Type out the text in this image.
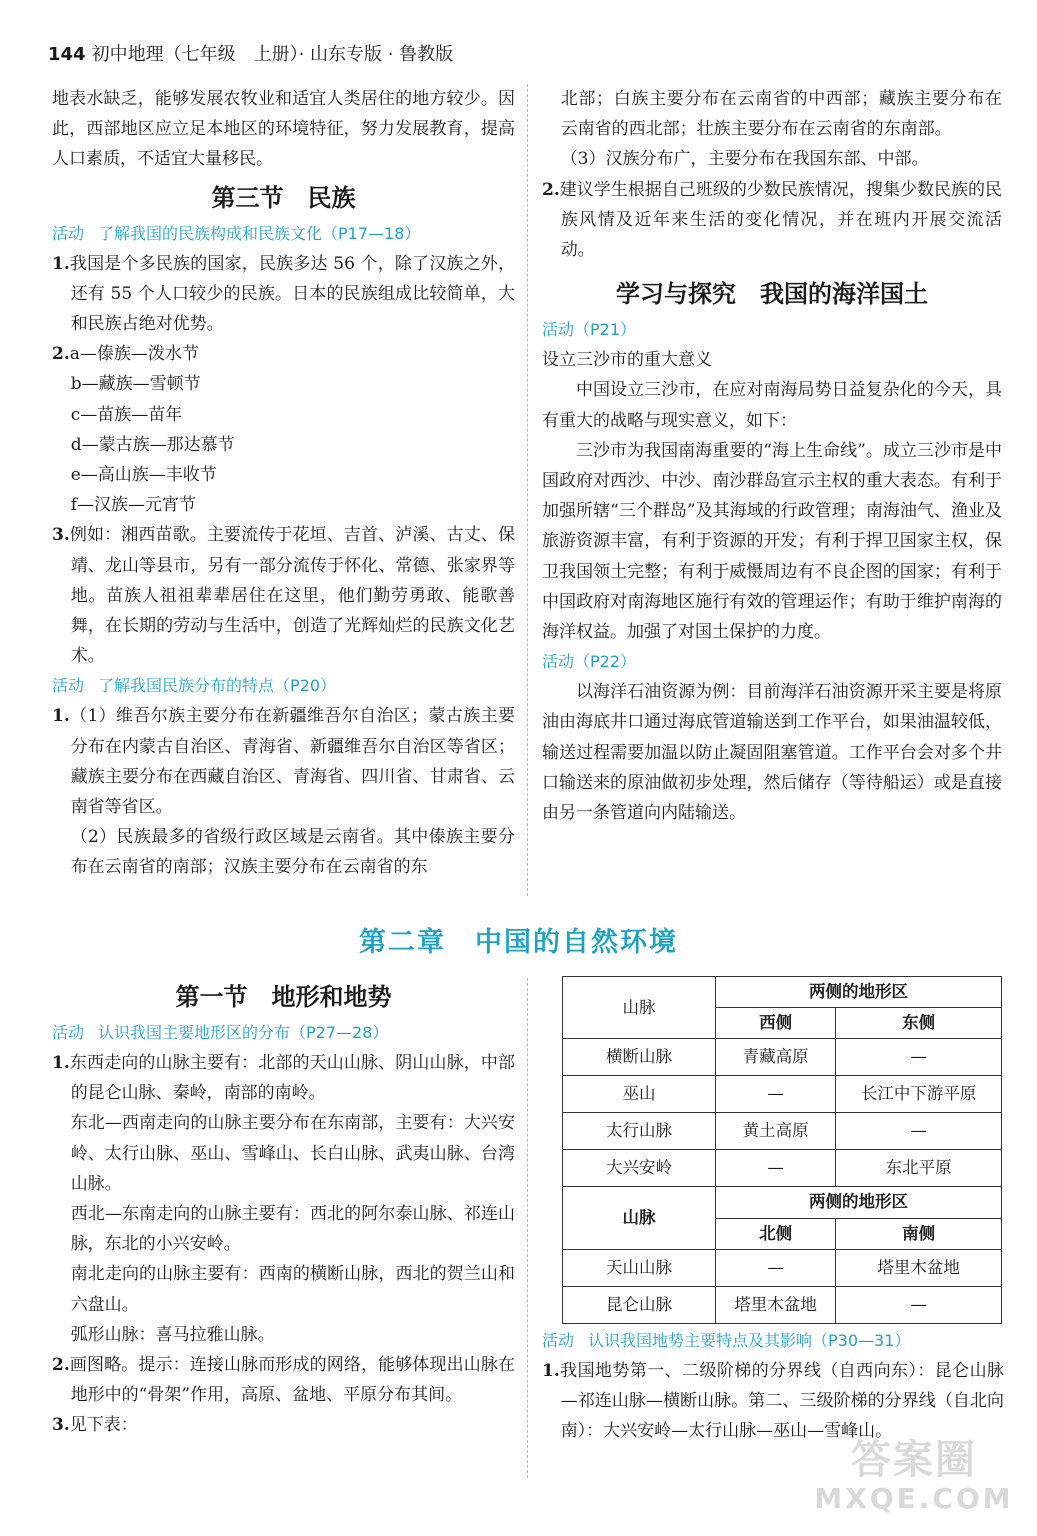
144 初中地理（七年级　上册）· 山东专版 · 鲁教版

地表水缺乏，能够发展农牧业和适宜人类居住的地方较少。因此，西部地区应立足本地区的环境特征，努力发展教育，提高人口素质，不适宜大量移民。

第三节　民族
活动 了解我国的民族构成和民族文化（P17—18）

1.我国是个多民族的国家，民族多达 56 个，除了汉族之外，还有 55 个人口较少的民族。日本的民族组成比较简单，大和民族占绝对优势。

2.a—傣族—泼水节

b—藏族—雪顿节

c—苗族—苗年

d—蒙古族—那达慕节

e—高山族—丰收节

f—汉族—元宵节

3.例如：湘西苗歌。主要流传于花垣、吉首、泸溪、古丈、保靖、龙山等县市，另有一部分流传于怀化、常德、张家界等地。苗族人祖祖辈辈居住在这里，他们勤劳勇敢、能歌善舞，在长期的劳动与生活中，创造了光辉灿烂的民族文化艺术。

活动 了解我国民族分布的特点（P20）

1.（1）维吾尔族主要分布在新疆维吾尔自治区；蒙古族主要分布在内蒙古自治区、青海省、新疆维吾尔自治区等省区；藏族主要分布在西藏自治区、青海省、四川省、甘肃省、云南省等省区。

（2）民族最多的省级行政区域是云南省。其中傣族主要分布在云南省的南部；汉族主要分布在云南省的东

北部；白族主要分布在云南省的中西部；藏族主要分布在云南省的西北部；壮族主要分布在云南省的东南部。

（3）汉族分布广，主要分布在我国东部、中部。

2.建议学生根据自己班级的少数民族情况，搜集少数民族的民族风情及近年来生活的变化情况，并在班内开展交流活动。

学习与探究　我国的海洋国土
活动（P21）

设立三沙市的重大意义

中国设立三沙市，在应对南海局势日益复杂化的今天，具有重大的战略与现实意义，如下：

三沙市为我国南海重要的“海上生命线”。成立三沙市是中国政府对西沙、中沙、南沙群岛宣示主权的重大表态。有利于加强所辖“三个群岛”及其海域的行政管理；南海油气、渔业及旅游资源丰富，有利于资源的开发；有利于捍卫国家主权，保卫我国领土完整；有利于威慑周边有不良企图的国家；有利于中国政府对南海地区施行有效的管理运作；有助于维护南海的海洋权益。加强了对国土保护的力度。

活动（P22）

以海洋石油资源为例：目前海洋石油资源开采主要是将原油由海底井口通过海底管道输送到工作平台，如果油温较低，输送过程需要加温以防止凝固阻塞管道。工作平台会对多个井口输送来的原油做初步处理，然后储存（等待船运）或是直接由另一条管道向内陆输送。

第二章　中国的自然环境
第一节　地形和地势
活动 认识我国主要地形区的分布（P27—28）

1.东西走向的山脉主要有：北部的天山山脉、阴山山脉，中部的昆仑山脉、秦岭，南部的南岭。

东北—西南走向的山脉主要分布在东南部，主要有：大兴安岭、太行山脉、巫山、雪峰山、长白山脉、武夷山脉、台湾山脉。

西北—东南走向的山脉主要有：西北的阿尔泰山脉、祁连山脉，东北的小兴安岭。

南北走向的山脉主要有：西南的横断山脉，西北的贺兰山和六盘山。

弧形山脉：喜马拉雅山脉。

2.画图略。提示：连接山脉而形成的网络，能够体现出山脉在地形中的“骨架”作用，高原、盆地、平原分布其间。

3.见下表：

山脉	两侧的地形区	
	西侧	东侧
横断山脉	青藏高原	—
巫山	—	长江中下游平原
太行山脉	黄土高原	—
大兴安岭	—	东北平原
山脉	两侧的地形区	
	北侧	南侧
天山山脉	—	塔里木盆地
昆仑山脉	塔里木盆地	—
活动 认识我国地势主要特点及其影响（P30—31）

1.我国地势第一、二级阶梯的分界线（自西向东）：昆仑山脉—祁连山脉—横断山脉。第二、三级阶梯的分界线（自北向南）：大兴安岭—太行山脉—巫山—雪峰山。

答案圈
MXQE.COM
